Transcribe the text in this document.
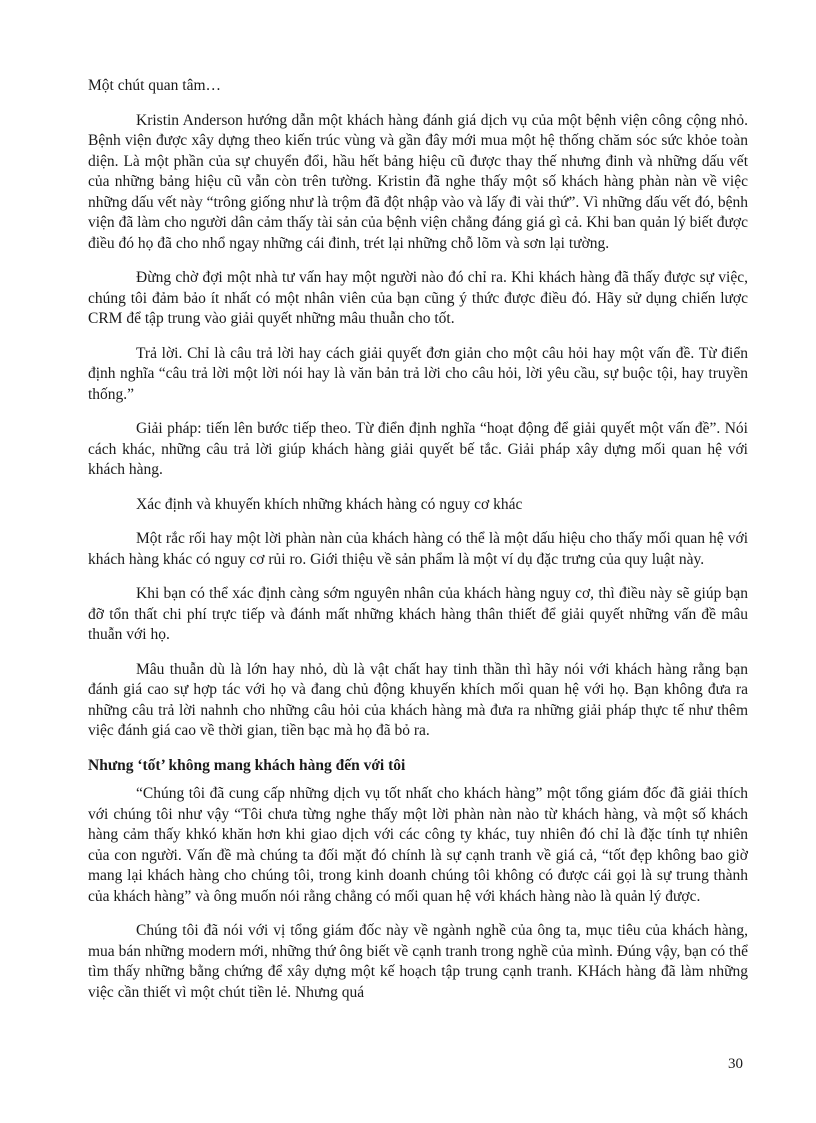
Một chút quan tâm…

Kristin Anderson hướng dẫn một khách hàng đánh giá dịch vụ của một bệnh viện công cộng nhỏ. Bệnh viện được xây dựng theo kiến trúc vùng và gần đây mới mua một hệ thống chăm sóc sức khỏe toàn diện. Là một phần của sự chuyển đổi, hầu hết bảng hiệu cũ được thay thế nhưng đinh và những dấu vết của những bảng hiệu cũ vẫn còn trên tường. Kristin đã nghe thấy một số khách hàng phàn nàn về việc những dấu vết này “trông giống như là trộm đã đột nhập vào và lấy đi vài thứ”. Vì những dấu vết đó, bệnh viện đã làm cho người dân cảm thấy tài sản của bệnh viện chẳng đáng giá gì cả. Khi ban quản lý biết được điều đó họ đã cho nhổ ngay những cái đinh, trét lại những chỗ lõm và sơn lại tường.

Đừng chờ đợi một nhà tư vấn hay một người nào đó chỉ ra. Khi khách hàng đã thấy được sự việc, chúng tôi đảm bảo ít nhất có một nhân viên của bạn cũng ý thức được điều đó. Hãy sử dụng chiến lược CRM để tập trung vào giải quyết những mâu thuẫn cho tốt.

Trả lời. Chỉ là câu trả lời hay cách giải quyết đơn giản cho một câu hỏi hay một vấn đề. Từ điển định nghĩa “câu trả lời một lời nói hay là văn bản trả lời cho câu hỏi, lời yêu cầu, sự buộc tội, hay truyền thống.”

Giải pháp: tiến lên bước tiếp theo. Từ điển định nghĩa “hoạt động để giải quyết một vấn đề”. Nói cách khác, những câu trả lời giúp khách hàng giải quyết bế tắc. Giải pháp xây dựng mối quan hệ với khách hàng.

Xác định và khuyến khích những khách hàng có nguy cơ khác

Một rắc rối hay một lời phàn nàn của khách hàng có thể là một dấu hiệu cho thấy mối quan hệ với khách hàng khác có nguy cơ rủi ro. Giới thiệu về sản phẩm là một ví dụ đặc trưng của quy luật này.

Khi bạn có thể xác định càng sớm nguyên nhân của khách hàng nguy cơ, thì điều này sẽ giúp bạn đỡ tổn thất chi phí trực tiếp và đánh mất những khách hàng thân thiết để giải quyết những vấn đề mâu thuẫn với họ.

Mâu thuẫn dù là lớn hay nhỏ, dù là vật chất hay tinh thần thì hãy nói với khách hàng rằng bạn đánh giá cao sự hợp tác với họ và đang chủ động khuyến khích mối quan hệ với họ. Bạn không đưa ra những câu trả lời nahnh cho những câu hỏi của khách hàng mà đưa ra những giải pháp thực tế như thêm việc đánh giá cao về thời gian, tiền bạc mà họ đã bỏ ra.

Nhưng ‘tốt’ không mang khách hàng đến với tôi

“Chúng tôi đã cung cấp những dịch vụ tốt nhất cho khách hàng” một tổng giám đốc đã giải thích với chúng tôi như vậy “Tôi chưa từng nghe thấy một lời phàn nàn nào từ khách hàng, và một số khách hàng cảm thấy khkó khăn hơn khi giao dịch với các công ty khác, tuy nhiên đó chỉ là đặc tính tự nhiên của con người. Vấn đề mà chúng ta đối mặt đó chính là sự cạnh tranh về giá cả, “tốt đẹp không bao giờ mang lại khách hàng cho chúng tôi, trong kinh doanh chúng tôi không có được cái gọi là sự trung thành của khách hàng” và ông muốn nói rằng chẳng có mối quan hệ với khách hàng nào là quản lý được.

Chúng tôi đã nói với vị tổng giám đốc này về ngành nghề của ông ta, mục tiêu của khách hàng, mua bán những modern mới, những thứ ông biết về cạnh tranh trong nghề của mình. Đúng vậy, bạn có thể tìm thấy những bằng chứng để xây dựng một kế hoạch tập trung cạnh tranh. KHách hàng đã làm những việc cần thiết vì một chút tiền lẻ. Nhưng quá

30
